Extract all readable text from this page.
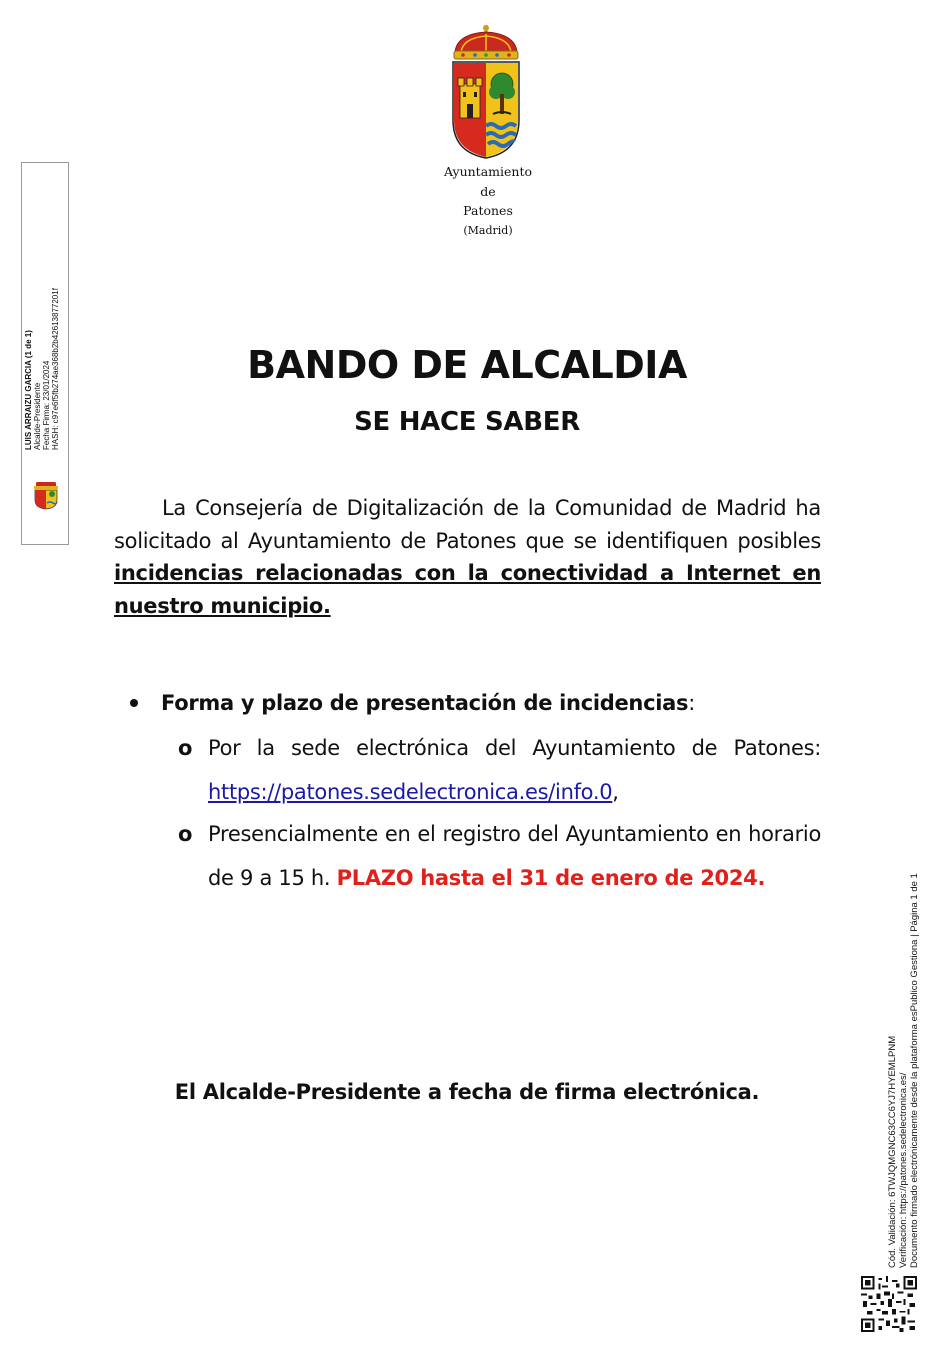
Ayuntamiento
de
Patones
(Madrid)
LUIS ARRAIZU GARCIA (1 de 1) Alcalde-Presidente Fecha Firma: 23/01/2024 HASH: c97e6f5fb274ae368b2b42613877201f
Cód. Validación: 6TWJQMGNC63CC6YJ7HYEMLPNM Verificación: https://patones.sedelectronica.es/ Documento firmado electrónicamente desde la plataforma esPublico Gestiona | Página 1 de 1
BANDO DE ALCALDIA
SE HACE SABER

La Consejería de Digitalización de la Comunidad de Madrid ha solicitado al Ayuntamiento de Patones que se identifiquen posibles incidencias relacionadas con la conectividad a Internet en nuestro municipio.

Forma y plazo de presentación de incidencias:
o Por la sede electrónica del Ayuntamiento de Patones: https://patones.sedelectronica.es/info.0,
o Presencialmente en el registro del Ayuntamiento en horario de 9 a 15 h. PLAZO hasta el 31 de enero de 2024.

El Alcalde-Presidente a fecha de firma electrónica.
